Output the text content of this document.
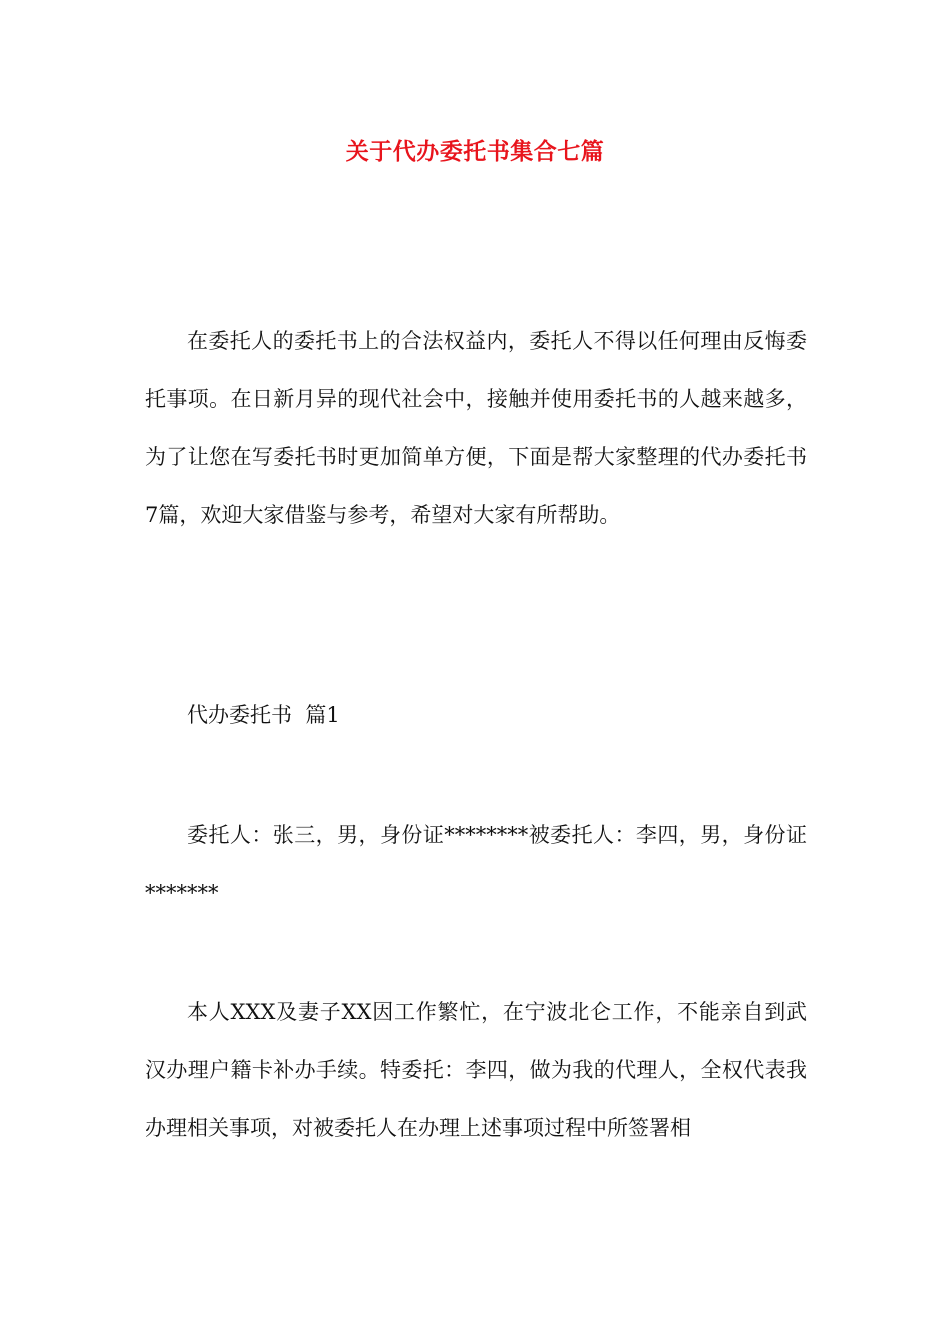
关于代办委托书集合七篇

在委托人的委托书上的合法权益内，委托人不得以任何理由反悔委托事项。在日新月异的现代社会中，接触并使用委托书的人越来越多，为了让您在写委托书时更加简单方便，下面是帮大家整理的代办委托书7篇，欢迎大家借鉴与参考，希望对大家有所帮助。

代办委托书  篇1

委托人：张三，男，身份证********被委托人：李四，男，身份证*******

本人XXX及妻子XX因工作繁忙，在宁波北仑工作，不能亲自到武汉办理户籍卡补办手续。特委托：李四，做为我的代理人，全权代表我办理相关事项，对被委托人在办理上述事项过程中所签署相
